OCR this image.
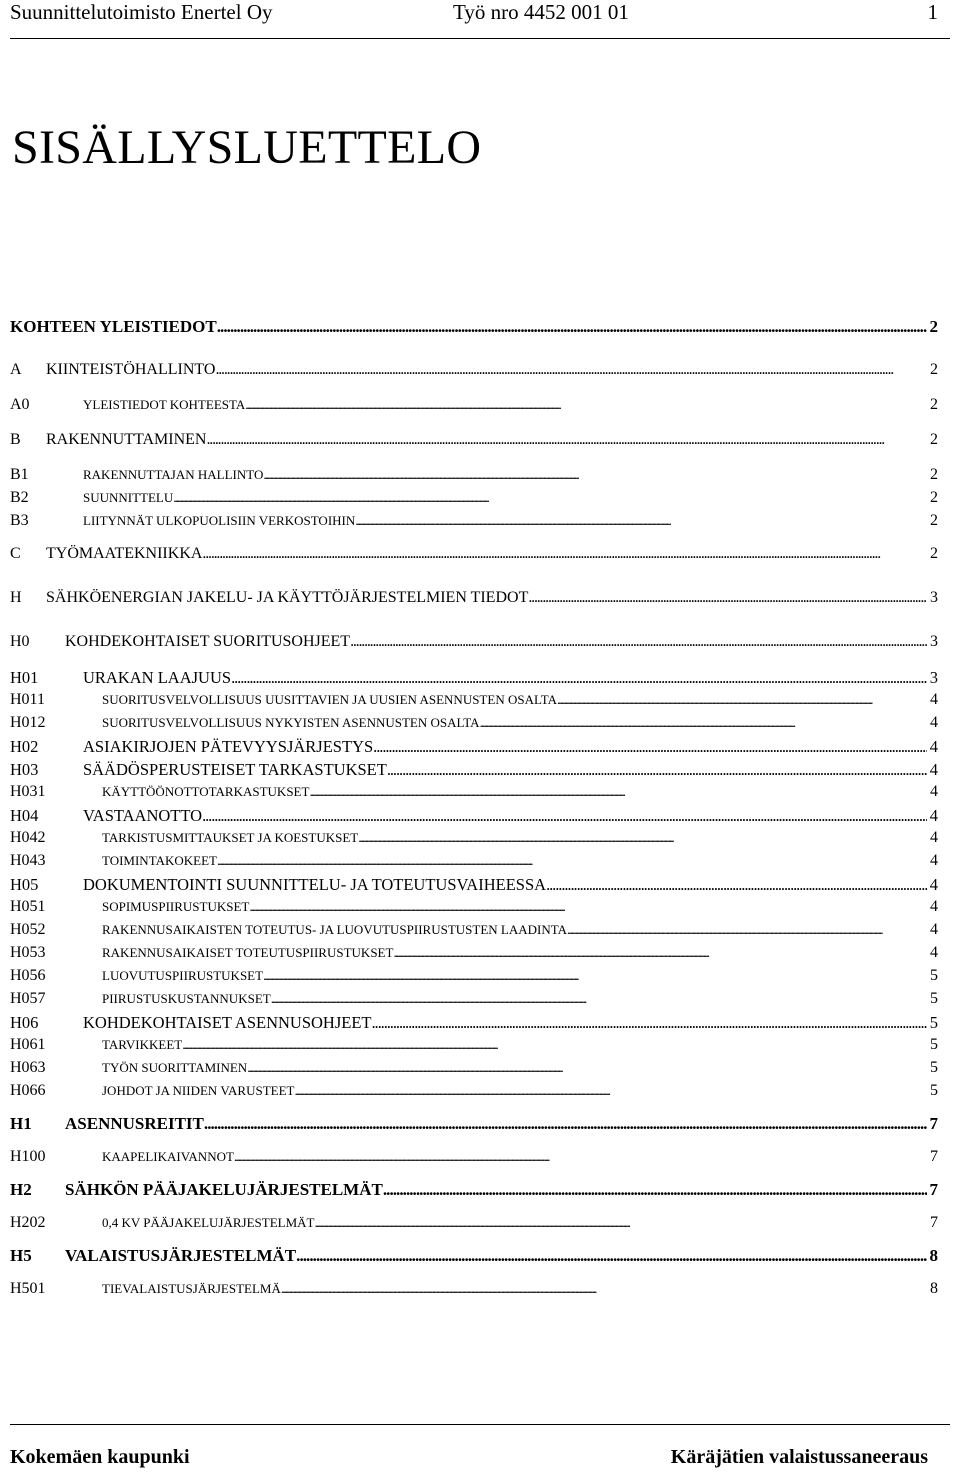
Suunnittelutoimisto Enertel Oy	Työ nro 4452 001 01	1
SISÄLLYSLUETTELO
KOHTEEN YLEISTIEDOT . . .	2
A	KIINTEISTÖHALLINTO . . .	2
A0	YLEISTIEDOT KOHTEESTA . . .	2
B	RAKENNUTTAMINEN . . .	2
B1	RAKENNUTTAJAN HALLINTO . . .	2
B2	SUUNNITTELU . . .	2
B3	LIITYNNÄT ULKOPUOLISIIN VERKOSTOIHIN . . .	2
C	TYÖMAATEKNIIKKA . . .	2
H	SÄHKÖENERGIAN JAKELU- JA KÄYTTÖJÄRJESTELMIEN TIEDOT . . .	3
H0	KOHDEKOHTAISET SUORITUSOHJEET . . .	3
H01	URAKAN LAAJUUS . . .	3
H011	SUORITUSVELVOLLISUUS UUSITTAVIEN JA UUSIEN ASENNUSTEN OSALTA . . .	4
H012	SUORITUSVELVOLLISUUS NYKYISTEN ASENNUSTEN OSALTA . . .	4
H02	ASIAKIRJOJEN PÄTEVYYSJÄRJESTYS . . .	4
H03	SÄÄDÖSPERUSTEISET TARKASTUKSET . . .	4
H031	KÄYTTÖÖNOTTOTARKASTUKSET . . .	4
H04	VASTAANOTTO . . .	4
H042	TARKISTUSMITTAUKSET JA KOESTUKSET . . .	4
H043	TOIMINTAKOKEET . . .	4
H05	DOKUMENTOINTI SUUNNITTELU- JA TOTEUTUSVAIHEESSA . . .	4
H051	SOPIMUSPIIRUSTUKSET . . .	4
H052	RAKENNUSAIKAISTEN TOTEUTUS- JA LUOVUTUSPIIRUSTUSTEN LAADINTA . . .	4
H053	RAKENNUSAIKAISET TOTEUTUSPIIRUSTUKSET . . .	4
H056	LUOVUTUSPIIRUSTUKSET . . .	5
H057	PIIRUSTUSKUSTANNUKSET . . .	5
H06	KOHDEKOHTAISET ASENNUSOHJEET . . .	5
H061	TARVIKKEET . . .	5
H063	TYÖN SUORITTAMINEN . . .	5
H066	JOHDOT JA NIIDEN VARUSTEET . . .	5
H1	ASENNUSREITIT . . .	7
H100	KAAPELIKAIVANNOT . . .	7
H2	SÄHKÖN PÄÄJAKELUJÄRJESTELMÄT . . .	7
H202	0,4 KV PÄÄJAKELUJÄRJESTELMÄT . . .	7
H5	VALAISTUSJÄRJESTELMÄT . . .	8
H501	TIEVALAISTUSJÄRJESTELMÄ . . .	8
Kokemäen kaupunki	Käräjätien valaistussaneeraus
